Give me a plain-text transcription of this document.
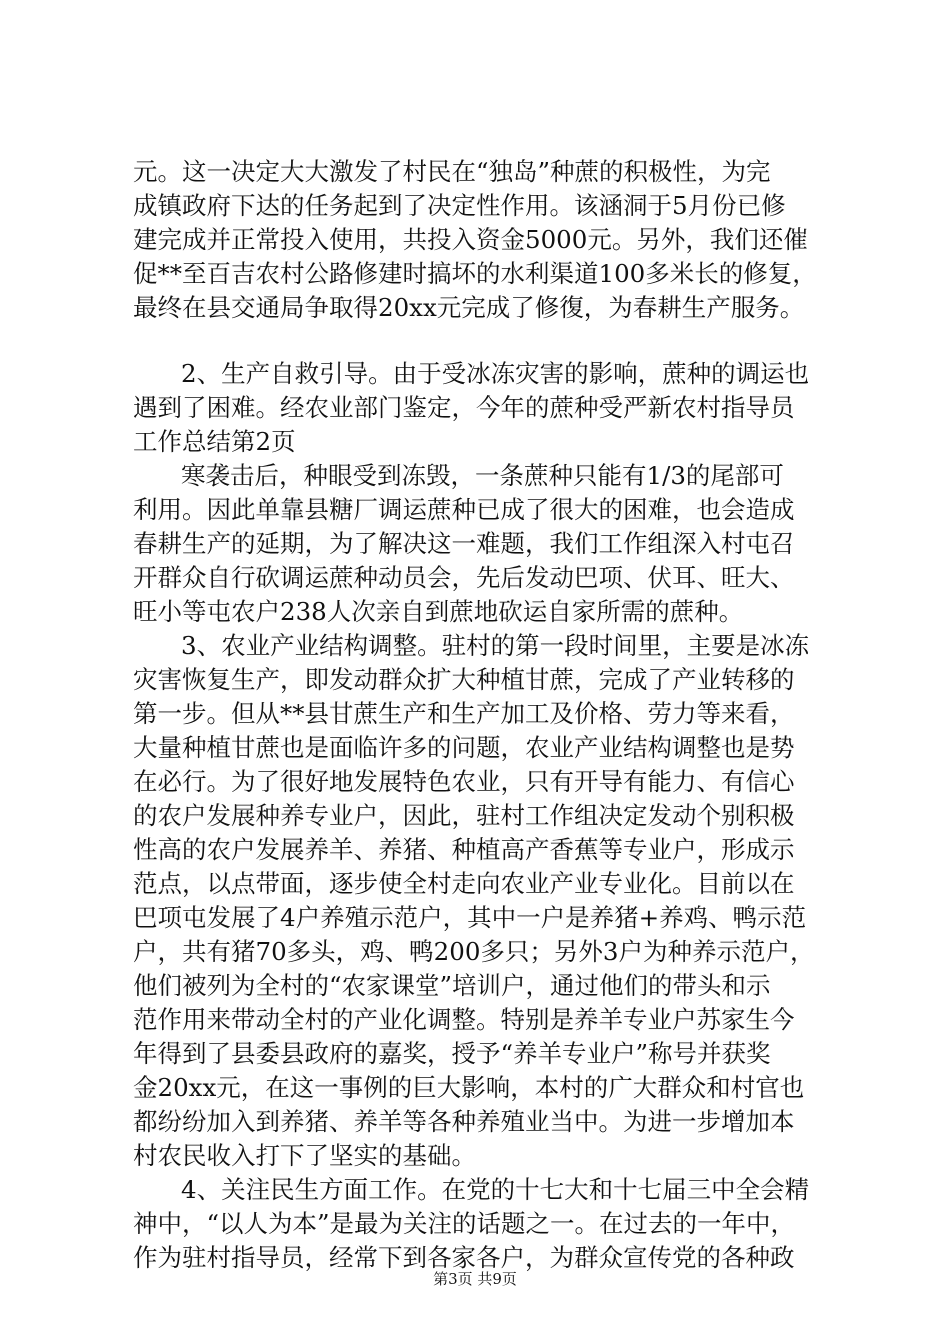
元。这一决定大大激发了村民在“独岛”种蔗的积极性，为完
成镇政府下达的任务起到了决定性作用。该涵洞于5月份已修
建完成并正常投入使用，共投入资金5000元。另外，我们还催
促**至百吉农村公路修建时搞坏的水利渠道100多米长的修复，
最终在县交通局争取得20xx元完成了修復，为春耕生产服务。
2、生产自救引导。由于受冰冻灾害的影响，蔗种的调运也
遇到了困难。经农业部门鉴定，今年的蔗种受严新农村指导员
工作总结第2页
寒袭击后，种眼受到冻毁，一条蔗种只能有1/3的尾部可
利用。因此单靠县糖厂调运蔗种已成了很大的困难，也会造成
春耕生产的延期，为了解决这一难题，我们工作组深入村屯召
开群众自行砍调运蔗种动员会，先后发动巴项、伏耳、旺大、
旺小等屯农户238人次亲自到蔗地砍运自家所需的蔗种。
3、农业产业结构调整。驻村的第一段时间里，主要是冰冻
灾害恢复生产，即发动群众扩大种植甘蔗，完成了产业转移的
第一步。但从**县甘蔗生产和生产加工及价格、劳力等来看，
大量种植甘蔗也是面临许多的问题，农业产业结构调整也是势
在必行。为了很好地发展特色农业，只有开导有能力、有信心
的农户发展种养专业户，因此，驻村工作组决定发动个别积极
性高的农户发展养羊、养猪、种植高产香蕉等专业户，形成示
范点，以点带面，逐步使全村走向农业产业专业化。目前以在
巴项屯发展了4户养殖示范户，其中一户是养猪+养鸡、鸭示范
户，共有猪70多头，鸡、鸭200多只；另外3户为种养示范户，
他们被列为全村的“农家课堂”培训户，通过他们的带头和示
范作用来带动全村的产业化调整。特别是养羊专业户苏家生今
年得到了县委县政府的嘉奖，授予“养羊专业户”称号并获奖
金20xx元，在这一事例的巨大影响，本村的广大群众和村官也
都纷纷加入到养猪、养羊等各种养殖业当中。为进一步增加本
村农民收入打下了坚实的基础。
4、关注民生方面工作。在党的十七大和十七届三中全会精
神中，“以人为本”是最为关注的话题之一。在过去的一年中，
作为驻村指导员，经常下到各家各户，为群众宣传党的各种政
第3页 共9页
